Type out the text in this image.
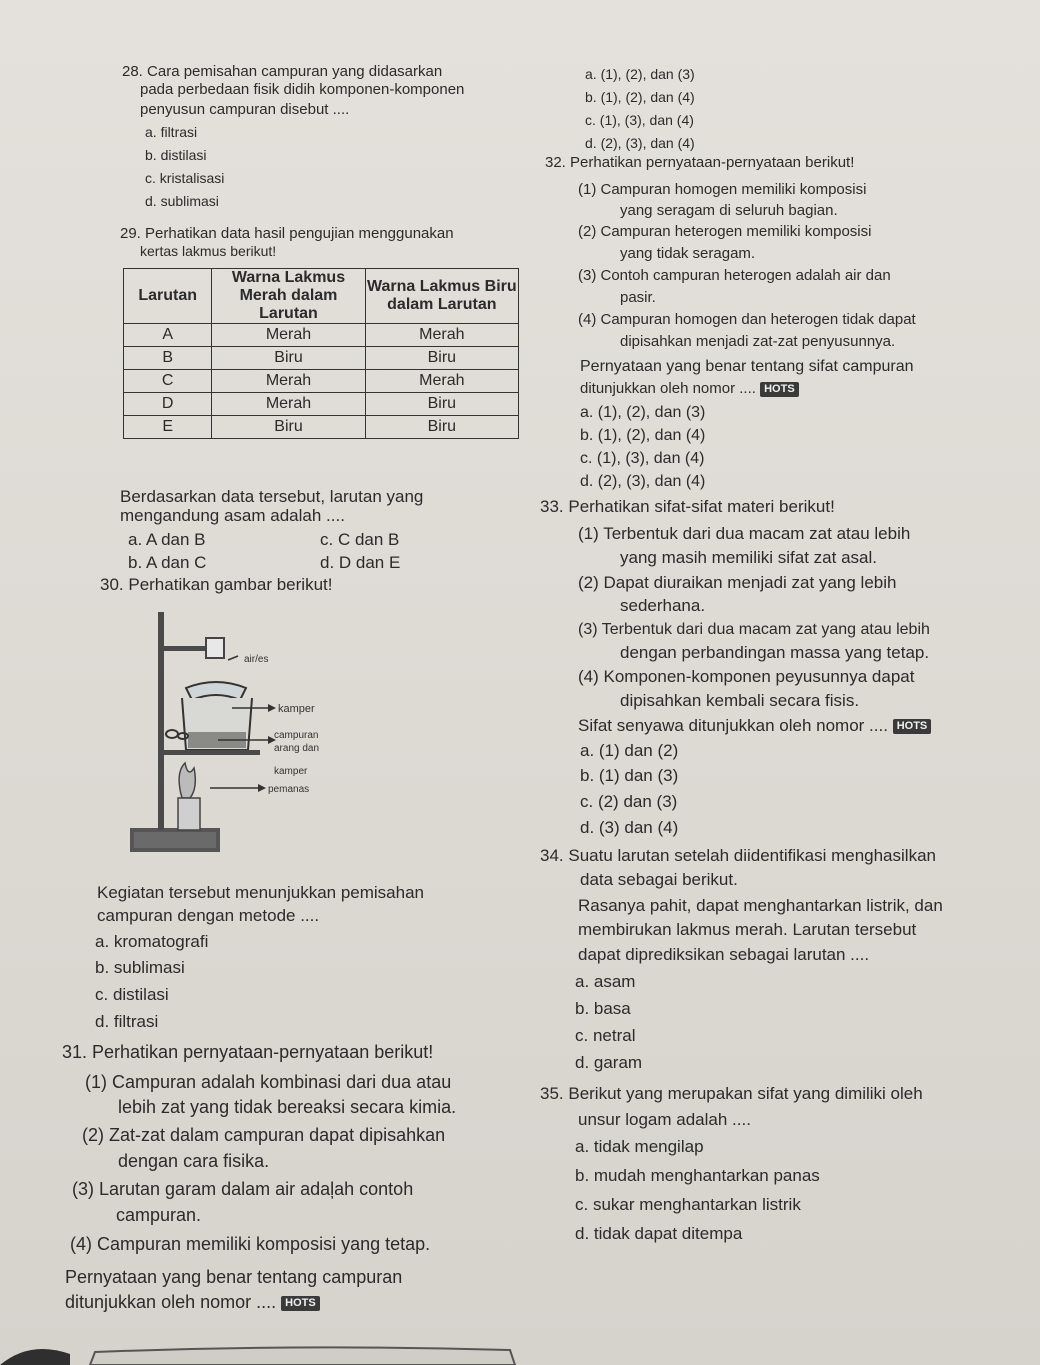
28. Cara pemisahan campuran yang didasarkan
pada perbedaan fisik didih komponen-komponen
penyusun campuran disebut ....
a. filtrasi
b. distilasi
c. kristalisasi
d. sublimasi
29. Perhatikan data hasil pengujian menggunakan
kertas lakmus berikut!
Larutan	Warna Lakmus Merah dalam Larutan	Warna Lakmus Biru dalam Larutan
A	Merah	Merah
B	Biru	Biru
C	Merah	Merah
D	Merah	Biru
E	Biru	Biru
Berdasarkan data tersebut, larutan yang
mengandung asam adalah ....
a. A dan B
b. A dan C
c. C dan B
d. D dan E
30. Perhatikan gambar berikut!
air/es
kamper
campuran
arang dan
kamper
pemanas
Kegiatan tersebut menunjukkan pemisahan
campuran dengan metode ....
a. kromatografi
b. sublimasi
c. distilasi
d. filtrasi
31. Perhatikan pernyataan-pernyataan berikut!
(1) Campuran adalah kombinasi dari dua atau
lebih zat yang tidak bereaksi secara kimia.
(2) Zat-zat dalam campuran dapat dipisahkan
dengan cara fisika.
(3) Larutan garam dalam air adaļah contoh
campuran.
(4) Campuran memiliki komposisi yang tetap.
Pernyataan yang benar tentang campuran
ditunjukkan oleh nomor .... HOTS
a. (1), (2), dan (3)
b. (1), (2), dan (4)
c. (1), (3), dan (4)
d. (2), (3), dan (4)
32. Perhatikan pernyataan-pernyataan berikut!
(1) Campuran homogen memiliki komposisi
yang seragam di seluruh bagian.
(2) Campuran heterogen memiliki komposisi
yang tidak seragam.
(3) Contoh campuran heterogen adalah air dan
pasir.
(4) Campuran homogen dan heterogen tidak dapat
dipisahkan menjadi zat-zat penyusunnya.
Pernyataan yang benar tentang sifat campuran
ditunjukkan oleh nomor .... HOTS
a. (1), (2), dan (3)
b. (1), (2), dan (4)
c. (1), (3), dan (4)
d. (2), (3), dan (4)
33. Perhatikan sifat-sifat materi berikut!
(1) Terbentuk dari dua macam zat atau lebih
yang masih memiliki sifat zat asal.
(2) Dapat diuraikan menjadi zat yang lebih
sederhana.
(3) Terbentuk dari dua macam zat yang atau lebih
dengan perbandingan massa yang tetap.
(4) Komponen-komponen peyusunnya dapat
dipisahkan kembali secara fisis.
Sifat senyawa ditunjukkan oleh nomor .... HOTS
a. (1) dan (2)
b. (1) dan (3)
c. (2) dan (3)
d. (3) dan (4)
34. Suatu larutan setelah diidentifikasi menghasilkan
data sebagai berikut.
Rasanya pahit, dapat menghantarkan listrik, dan
membirukan lakmus merah. Larutan tersebut
dapat diprediksikan sebagai larutan ....
a. asam
b. basa
c. netral
d. garam
35. Berikut yang merupakan sifat yang dimiliki oleh
unsur logam adalah ....
a. tidak mengilap
b. mudah menghantarkan panas
c. sukar menghantarkan listrik
d. tidak dapat ditempa
